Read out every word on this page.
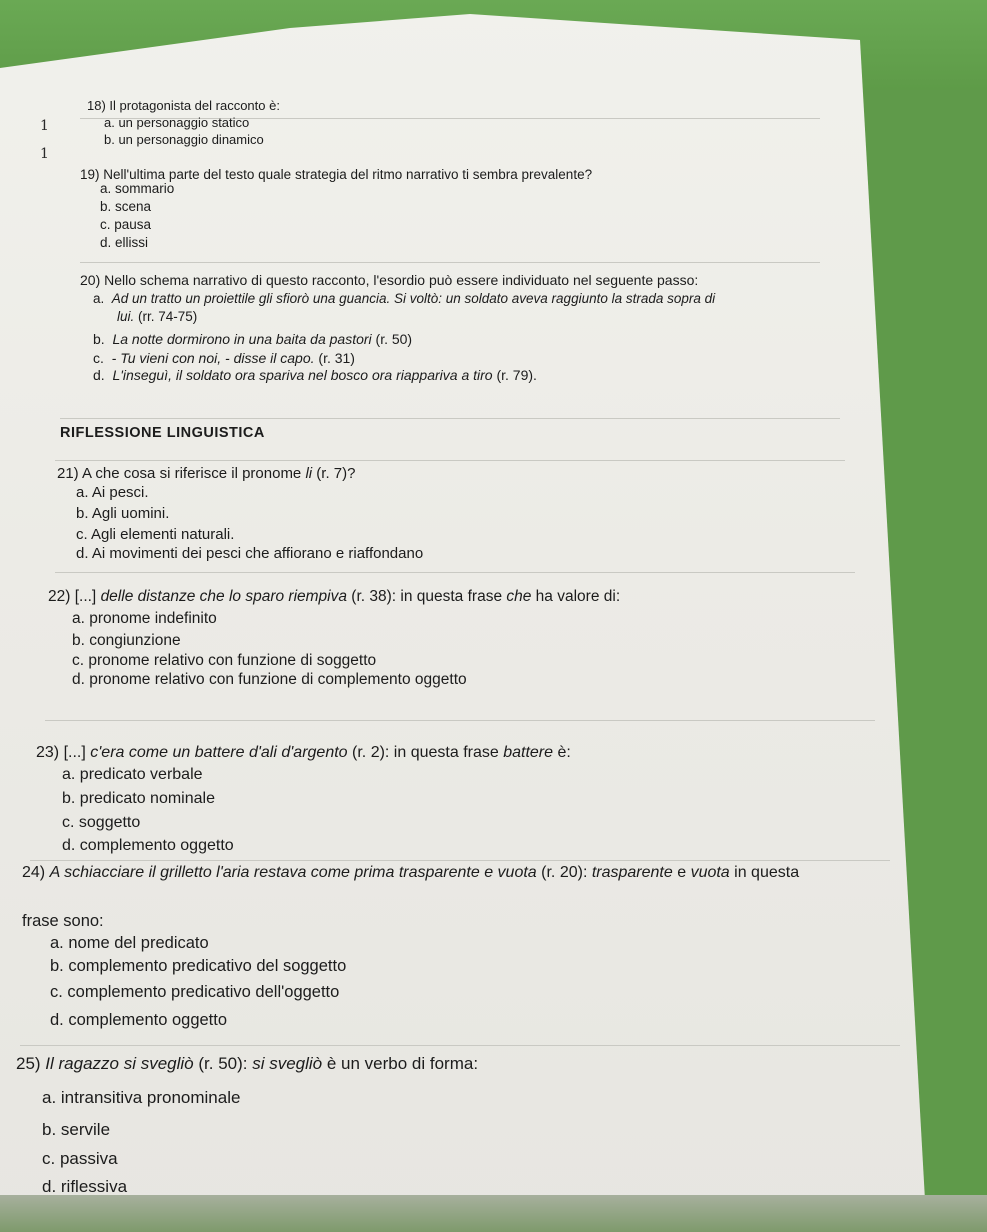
1
1
18) Il protagonista del racconto è:
a. un personaggio statico
b. un personaggio dinamico
19) Nell'ultima parte del testo quale strategia del ritmo narrativo ti sembra prevalente?
a. sommario
b. scena
c. pausa
d. ellissi
20) Nello schema narrativo di questo racconto, l'esordio può essere individuato nel seguente passo:
a. Ad un tratto un proiettile gli sfiorò una guancia. Si voltò: un soldato aveva raggiunto la strada sopra di
lui. (rr. 74-75)
b. La notte dormirono in una baita da pastori (r. 50)
c. - Tu vieni con noi, - disse il capo. (r. 31)
d. L'inseguì, il soldato ora spariva nel bosco ora riappariva a tiro (r. 79).
RIFLESSIONE LINGUISTICA
21) A che cosa si riferisce il pronome li (r. 7)?
a. Ai pesci.
b. Agli uomini.
c. Agli elementi naturali.
d. Ai movimenti dei pesci che affiorano e riaffondano
22) [...] delle distanze che lo sparo riempiva (r. 38): in questa frase che ha valore di:
a. pronome indefinito
b. congiunzione
c. pronome relativo con funzione di soggetto
d. pronome relativo con funzione di complemento oggetto
23) [...] c'era come un battere d'ali d'argento (r. 2): in questa frase battere è:
a. predicato verbale
b. predicato nominale
c. soggetto
d. complemento oggetto
24) A schiacciare il grilletto l'aria restava come prima trasparente e vuota (r. 20): trasparente e vuota in questa
frase sono:
a. nome del predicato
b. complemento predicativo del soggetto
c. complemento predicativo dell'oggetto
d. complemento oggetto
25) Il ragazzo si svegliò (r. 50): si svegliò è un verbo di forma:
a. intransitiva pronominale
b. servile
c. passiva
d. riflessiva
